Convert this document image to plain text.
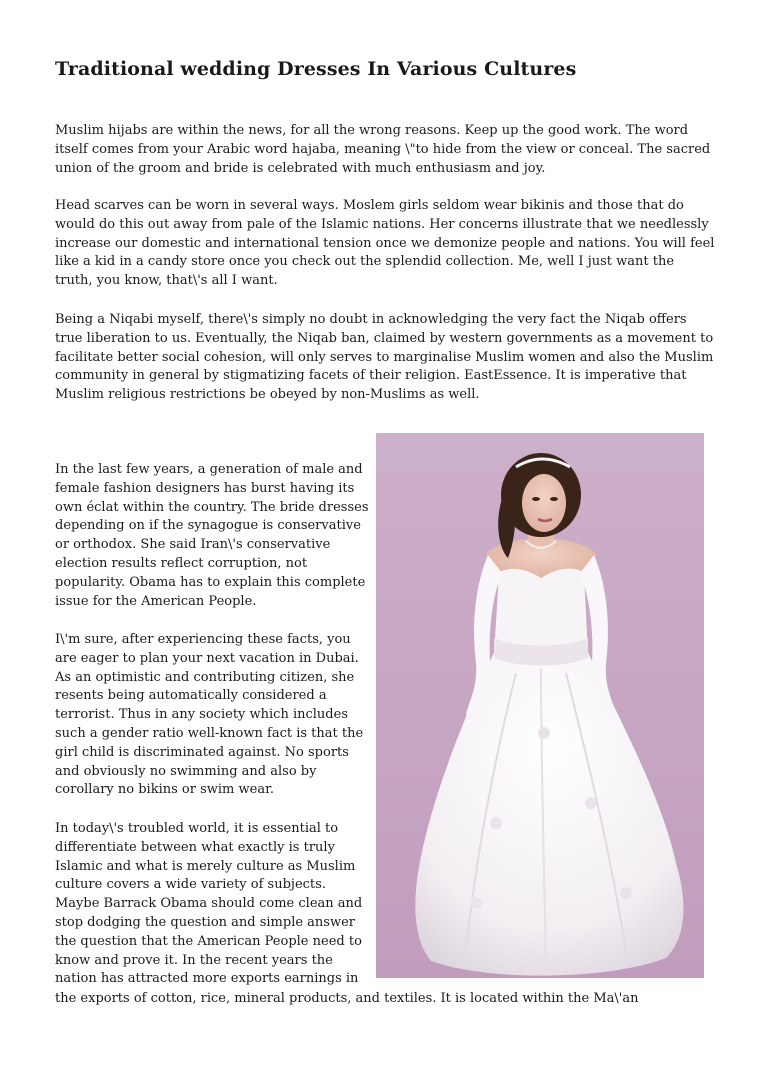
Traditional wedding Dresses In Various Cultures

Muslim hijabs are within the news, for all the wrong reasons. Keep up the good work. The word itself comes from your Arabic word hajaba, meaning \"to hide from the view or conceal. The sacred union of the groom and bride is celebrated with much enthusiasm and joy.

Head scarves can be worn in several ways. Moslem girls seldom wear bikinis and those that do would do this out away from pale of the Islamic nations. Her concerns illustrate that we needlessly increase our domestic and international tension once we demonize people and nations. You will feel like a kid in a candy store once you check out the splendid collection. Me, well I just want the truth, you know, that\'s all I want.

Being a Niqabi myself, there\'s simply no doubt in acknowledging the very fact the Niqab offers true liberation to us. Eventually, the Niqab ban, claimed by western governments as a movement to facilitate better social cohesion, will only serves to marginalise Muslim women and also the Muslim community in general by stigmatizing facets of their religion. EastEssence. It is imperative that Muslim religious restrictions be obeyed by non-Muslims as well.

In the last few years, a generation of male and female fashion designers has burst having its own éclat within the country. The bride dresses depending on if the synagogue is conservative or orthodox. She said Iran\'s conservative election results reflect corruption, not popularity. Obama has to explain this complete issue for the American People.

I\'m sure, after experiencing these facts, you are eager to plan your next vacation in Dubai. As an optimistic and contributing citizen, she resents being automatically considered a terrorist. Thus in any society which includes such a gender ratio well-known fact is that the girl child is discriminated against. No sports and obviously no swimming and also by corollary no bikins or swim wear.

In today\'s troubled world, it is essential to differentiate between what exactly is truly Islamic and what is merely culture as Muslim culture covers a wide variety of subjects. Maybe Barrack Obama should come clean and stop dodging the question and simple answer the question that the American People need to know and prove it. In the recent years the nation has attracted more exports earnings in

the exports of cotton, rice, mineral products, and textiles. It is located within the Ma\'an
